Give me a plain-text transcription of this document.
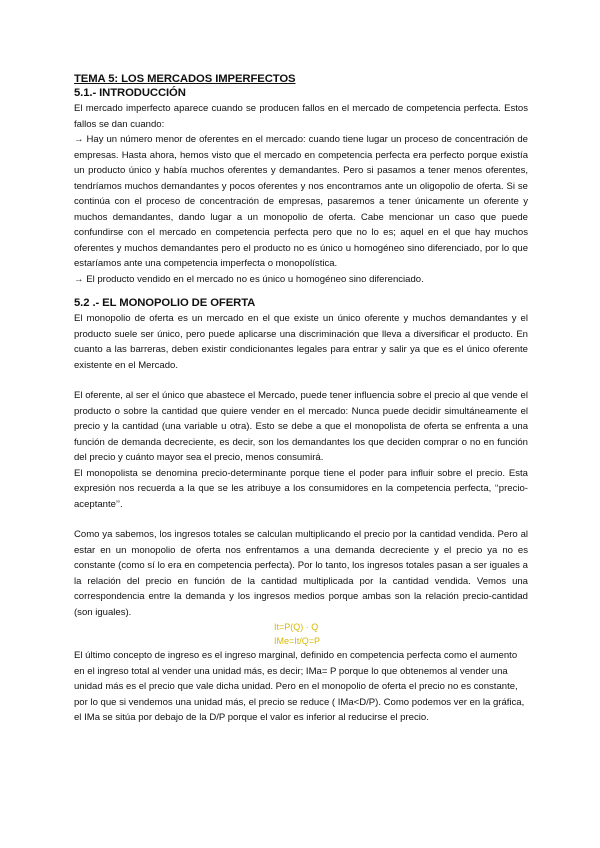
TEMA 5: LOS MERCADOS IMPERFECTOS
5.1.- INTRODUCCIÓN

El mercado imperfecto aparece cuando se producen fallos en el mercado de competencia perfecta. Estos fallos se dan cuando:

→ Hay un número menor de oferentes en el mercado: cuando tiene lugar un proceso de concentración de empresas. Hasta ahora, hemos visto que el mercado en competencia perfecta era perfecto porque existía un producto único y había muchos oferentes y demandantes. Pero si pasamos a tener menos oferentes, tendríamos muchos demandantes y pocos oferentes y nos encontramos ante un oligopolio de oferta. Si se continúa con el proceso de concentración de empresas, pasaremos a tener únicamente un oferente y muchos demandantes, dando lugar a un monopolio de oferta. Cabe mencionar un caso que puede confundirse con el mercado en competencia perfecta pero que no lo es; aquel en el que hay muchos oferentes y muchos demandantes pero el producto no es único u homogéneo sino diferenciado, por lo que estaríamos ante una competencia imperfecta o monopolística.

→ El producto vendido en el mercado no es único u homogéneo sino diferenciado.

5.2 .- EL MONOPOLIO DE OFERTA

El monopolio de oferta es un mercado en el que existe un único oferente y muchos demandantes y el producto suele ser único, pero puede aplicarse una discriminación que lleva a diversificar el producto. En cuanto a las barreras, deben existir condicionantes legales para entrar y salir ya que es el único oferente existente en el Mercado.

El oferente, al ser el único que abastece el Mercado, puede tener influencia sobre el precio al que vende el producto o sobre la cantidad que quiere vender en el mercado: Nunca puede decidir simultáneamente el precio y la cantidad (una variable u otra). Esto se debe a que el monopolista de oferta se enfrenta a una función de demanda decreciente, es decir, son los demandantes los que deciden comprar o no en función del precio y cuánto mayor sea el precio, menos consumirá.

El monopolista se denomina precio-determinante porque tiene el poder para influir sobre el precio. Esta expresión nos recuerda a la que se les atribuye a los consumidores en la competencia perfecta, ‘‘precio-aceptante’’.

Como ya sabemos, los ingresos totales se calculan multiplicando el precio por la cantidad vendida. Pero al estar en un monopolio de oferta nos enfrentamos a una demanda decreciente y el precio ya no es constante (como sí lo era en competencia perfecta). Por lo tanto, los ingresos totales pasan a ser iguales a la relación del precio en función de la cantidad multiplicada por la cantidad vendida. Vemos una correspondencia entre la demanda y los ingresos medios porque ambas son la relación precio-cantidad (son iguales).

It=P(Q) · Q
IMe=It/Q=P

El último concepto de ingreso es el ingreso marginal, definido en competencia perfecta como el aumento en el ingreso total al vender una unidad más, es decir; IMa= P porque lo que obtenemos al vender una unidad más es el precio que vale dicha unidad. Pero en el monopolio de oferta el precio no es constante, por lo que si vendemos una unidad más, el precio se reduce ( IMa<D/P). Como podemos ver en la gráfica, el IMa se sitúa por debajo de la D/P porque el valor es inferior al reducirse el precio.
